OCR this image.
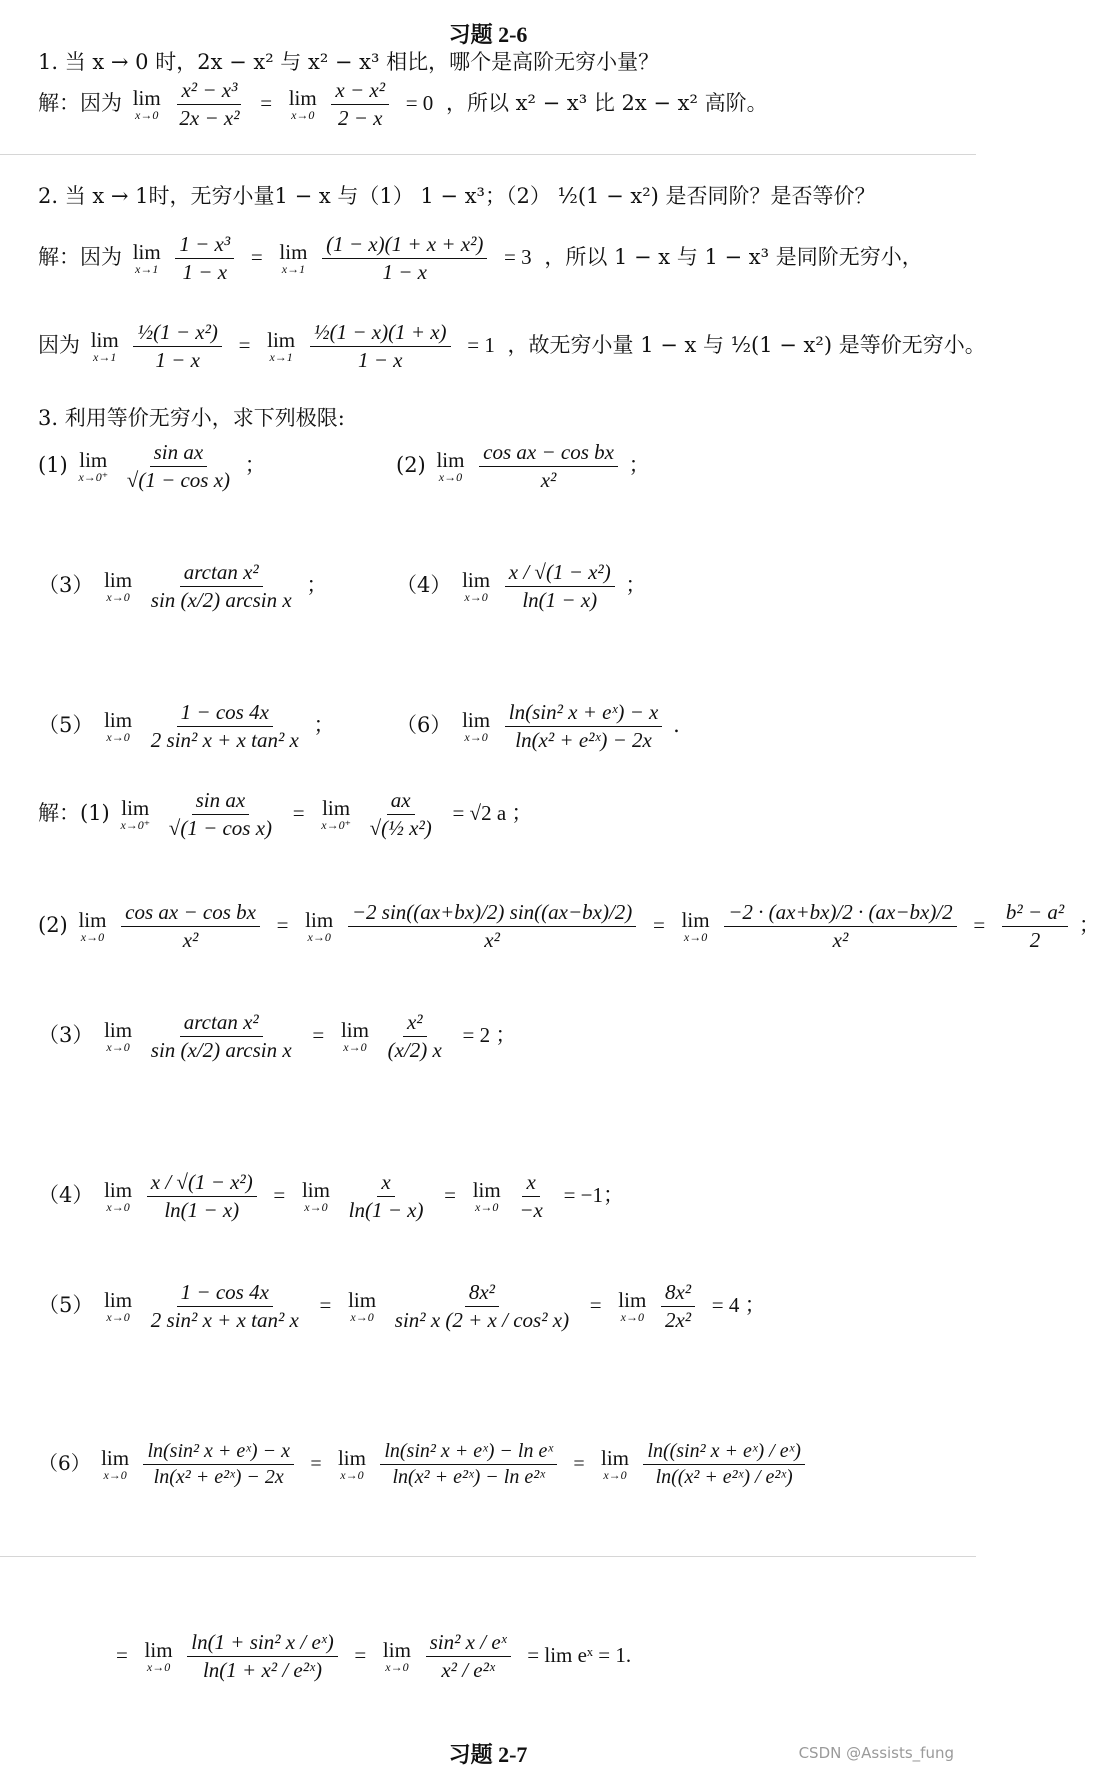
习题 2-6
1. 当 x → 0 时，2x − x² 与 x² − x³ 相比，哪个是高阶无穷小量？
解：因为 lim
x→0
$\frac{\text{x² − x³}}{\text{2x − x²}} = \lim$
x→0
$\frac{\text{x − x²}}{2 - x} = 0$ ，所以 x² − x³ 比 2x − x² 高阶。
2. 当 x → 1时，无穷小量1 − x 与（1） 1 − x³；（2） ½(1 − x²) 是否同阶？是否等价？
解：因为 lim
x→1
$\frac{\text{1 − x³}}{1 - x} = \lim$
x→1
$\frac{\text{(1 − x)(1 + x + x²)}}{1 - x} = 3$ ，所以 1 − x 与 1 − x³ 是同阶无穷小，
因为 lim
x→1
$\frac{\text{½(1 − x²)}}{1 - x} = \lim$
x→1
$\frac{\text{½(1 − x)(1 + x)}}{1 - x} = 1$ ，故无穷小量 1 − x 与 ½(1 − x²) 是等价无穷小。
3. 利用等价无穷小，求下列极限:
(1) lim
x→0⁺
$\frac{\text{sin ax}}{\text{√(1 − cos x)}}$ ；	(2) lim
x→0
$\frac{\text{cos ax − cos bx}}{\text{x²}}$ ；
（3） lim
x→0
$\frac{\text{arctan x²}}{\text{sin (x/2) arcsin x}}$ ；	（4） lim
x→0
$\frac{\text{x / √(1 − x²)}}{\ln(1 - x)}$ ；
（5） lim
x→0
$\frac{1 - \cos 4x}{\text{2 sin² x + x tan² x}}$ ；	（6） lim
x→0
$\frac{\text{ln(sin² x + eˣ) − x}}{\text{ln(x² + e²ˣ) − 2x}}$ .
解：(1) lim
x→0⁺
$\frac{\text{sin ax}}{\text{√(1 − cos x)}} = \lim$
x→0⁺
$\frac{ax}{\text{√(½ x²)}} = √2$ a ；
(2) lim
x→0
$\frac{\text{cos ax − cos bx}}{\text{x²}} = \lim$
x→0
$\frac{-2 \sin((ax+bx)/2) \sin((ax-bx)/2)}{\text{x²}} = \lim$
x→0
$\frac{-2 \cdot (ax+bx)/2 \cdot (ax-bx)/2}{\text{x²}} = \frac{\text{b² − a²}}{2}$ ；
（3） lim
x→0
$\frac{\text{arctan x²}}{\text{sin (x/2) arcsin x}} = \lim$
x→0
$\frac{\text{x²}}{(x/2) x} = 2$ ；
（4） lim
x→0
$\frac{\text{x / √(1 − x²)}}{\ln(1 - x)} = \lim$
x→0
$\frac{x}{\ln(1 - x)} = \lim$
x→0
$\frac{x}{-x} = -1$；
（5） lim
x→0
$\frac{1 - \cos 4x}{\text{2 sin² x + x tan² x}} = \lim$
x→0
$\frac{\text{8x²}}{\text{sin² x (2 + x / cos² x)}} = \lim$
x→0
$\frac{\text{8x²}}{\text{2x²}} = 4$ ；
（6） lim
x→0
$\frac{\text{ln(sin² x + eˣ) − x}}{\text{ln(x² + e²ˣ) − 2x}} = \lim$
x→0
$\frac{\text{ln(sin² x + eˣ) − ln eˣ}}{\text{ln(x² + e²ˣ) − ln e²ˣ}} = \lim$
x→0
$\frac{\text{ln((sin² x + eˣ) / eˣ)}}{\text{ln((x² + e²ˣ) / e²ˣ)}}$
= lim
x→0
$\frac{\text{ln(1 + sin² x / eˣ)}}{\text{ln(1 + x² / e²ˣ)}} = \lim$
x→0
$\frac{\text{sin² x / eˣ}}{\text{x² / e²ˣ}} = \lim$ eˣ = 1.
习题 2-7	CSDN @Assists_fung
